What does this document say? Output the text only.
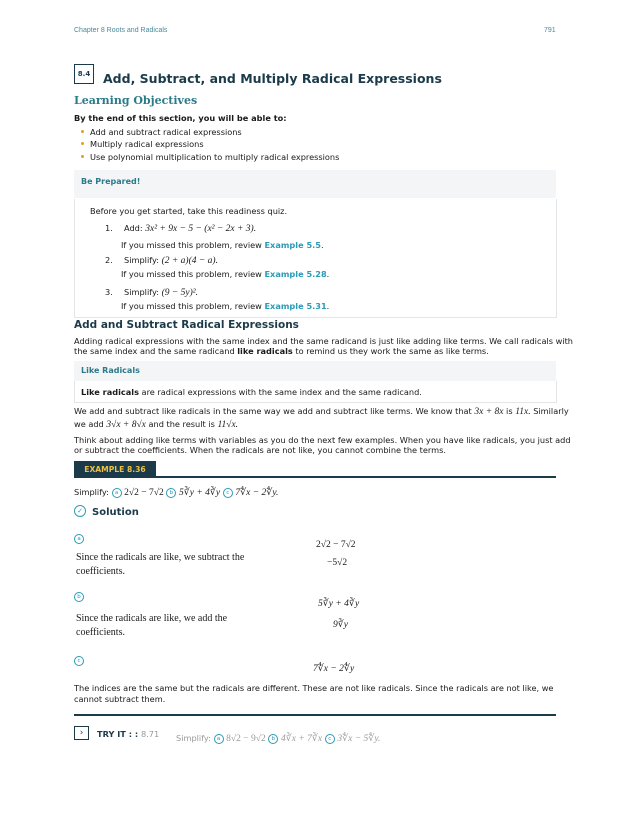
Chapter 8 Roots and Radicals	791
8.4	Add, Subtract, and Multiply Radical Expressions
Learning Objectives
By the end of this section, you will be able to:
Add and subtract radical expressions
Multiply radical expressions
Use polynomial multiplication to multiply radical expressions
Be Prepared!
Before you get started, take this readiness quiz.
1. Add: 3x² + 9x − 5 − (x² − 2x + 3).
If you missed this problem, review Example 5.5.
2. Simplify: (2 + a)(4 − a).
If you missed this problem, review Example 5.28.
3. Simplify: (9 − 5y)².
If you missed this problem, review Example 5.31.
Add and Subtract Radical Expressions
Adding radical expressions with the same index and the same radicand is just like adding like terms. We call radicals with
the same index and the same radicand like radicals to remind us they work the same as like terms.
Like Radicals
Like radicals are radical expressions with the same index and the same radicand.
We add and subtract like radicals in the same way we add and subtract like terms. We know that 3x + 8x is 11x. Similarly
we add 3√x + 8√x and the result is 11√x.
Think about adding like terms with variables as you do the next few examples. When you have like radicals, you just add
or subtract the coefficients. When the radicals are not like, you cannot combine the terms.
EXAMPLE 8.36
Simplify: a 2√2 − 7√2 b 5∛y + 4∛y c 7∜x − 2∜y.
✓ Solution
a
Since the radicals are like, we subtract the coefficients.
2√2 − 7√2
−5√2
b
Since the radicals are like, we add the coefficients.
5∛y + 4∛y
9∛y
c
7∜x − 2∜y
The indices are the same but the radicals are different. These are not like radicals. Since the radicals are not like, we cannot subtract them.
›	TRY IT : : 8.71 Simplify: a 8√2 − 9√2 b 4∛x + 7∛x c 3∜x − 5∜y.
